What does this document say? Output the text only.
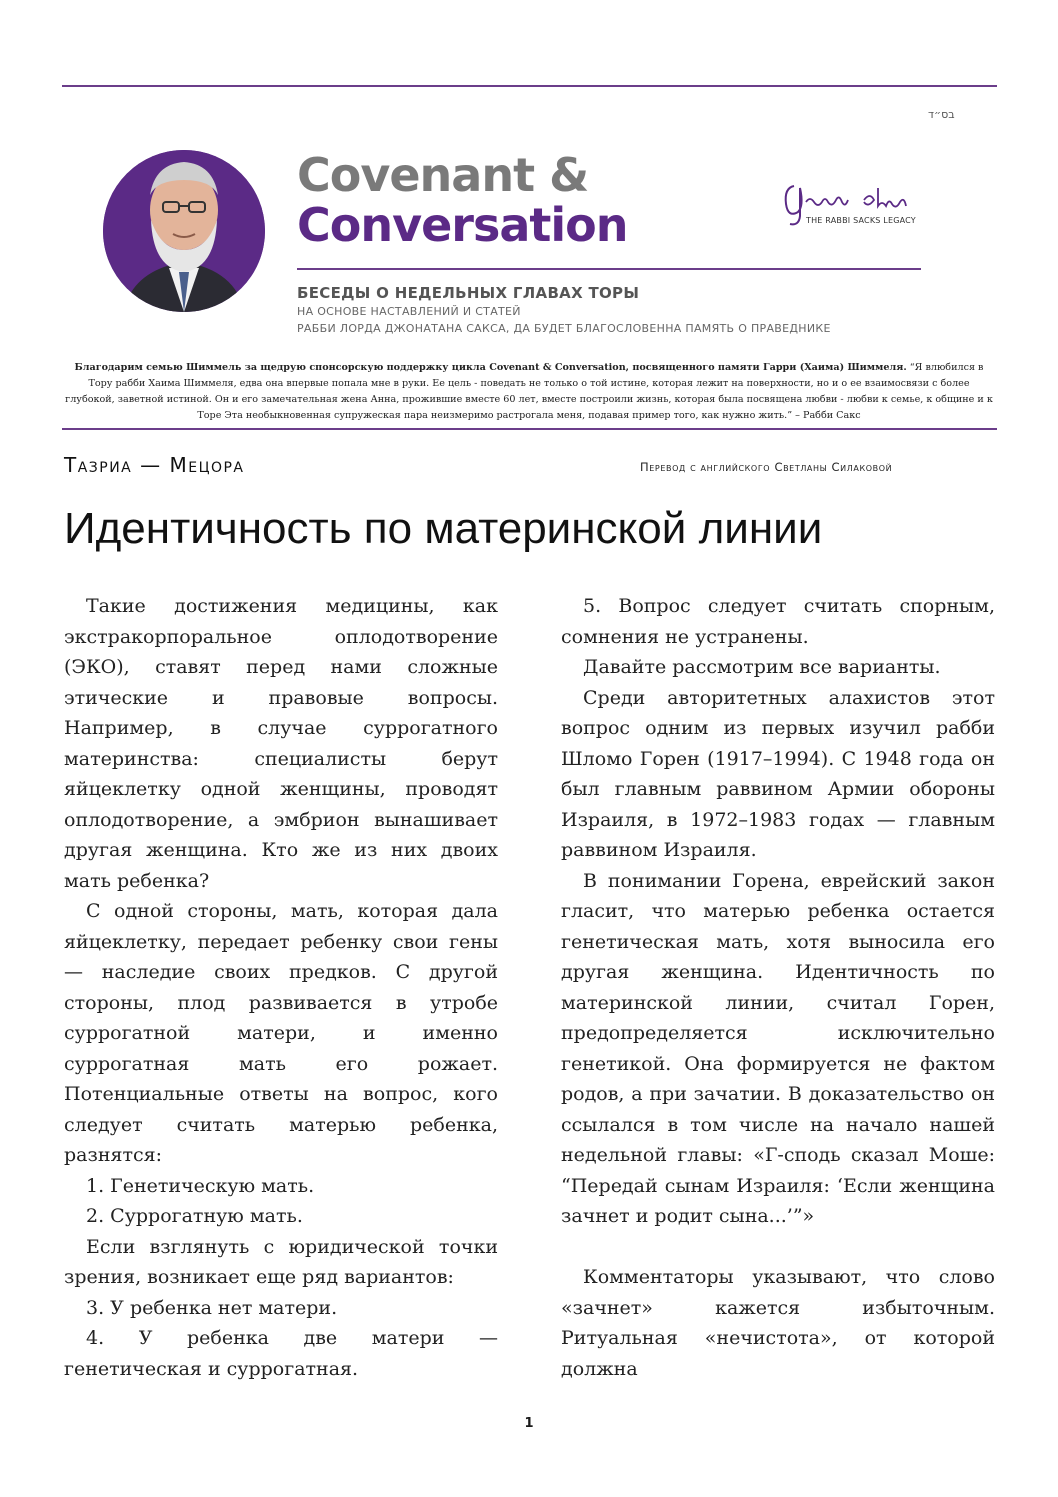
בס״ד
Covenant &
Conversation	THE RABBI SACKS LEGACY
БЕСЕДЫ О НЕДЕЛЬНЫХ ГЛАВАХ ТОРЫ
НА ОСНОВЕ НАСТАВЛЕНИЙ И СТАТЕЙ
РАББИ ЛОРДА ДЖОНАТАНА САКСА, ДА БУДЕТ БЛАГОСЛОВЕННА ПАМЯТЬ О ПРАВЕДНИКЕ
Благодарим семью Шиммель за щедрую спонсорскую поддержку цикла Covenant & Conversation, посвященного памяти Гарри (Хаима) Шиммеля. “Я влюбился в Тору рабби Хаима Шиммеля, едва она впервые попала мне в руки. Ее цель - поведать не только о той истине, которая лежит на поверхности, но и о ее взаимосвязи с более глубокой, заветной истиной. Он и его замечательная жена Анна, прожившие вместе 60 лет, вместе построили жизнь, которая была посвящена любви - любви к семье, к общине и к Торе Эта необыкновенная супружеская пара неизмеримо растрогала меня, подавая пример того, как нужно жить.” – Рабби Сакс
Тазриа — Мецора	Перевод с английского Светланы Силаковой
Идентичность по материнской линии

Такие достижения медицины, как экстракорпоральное оплодотворение (ЭКО), ставят перед нами сложные этические и правовые вопросы. Например, в случае суррогатного материнства: специалисты берут яйцеклетку одной женщины, проводят оплодотворение, а эмбрион вынашивает другая женщина. Кто же из них двоих мать ребенка?

С одной стороны, мать, которая дала яйцеклетку, передает ребенку свои гены — наследие своих предков. С другой стороны, плод развивается в утробе суррогатной матери, и именно суррогатная мать его рожает. Потенциальные ответы на вопрос, кого следует считать матерью ребенка, разнятся:

1. Генетическую мать.

2. Суррогатную мать.

Если взглянуть с юридической точки зрения, возникает еще ряд вариантов:

3. У ребенка нет матери.

4. У ребенка две матери — генетическая и суррогатная.

5. Вопрос следует считать спорным, сомнения не устранены.

Давайте рассмотрим все варианты.

Среди авторитетных алахистов этот вопрос одним из первых изучил рабби Шломо Горен (1917–1994). С 1948 года он был главным раввином Армии обороны Израиля, в 1972–1983 годах — главным раввином Израиля.

В понимании Горена, еврейский закон гласит, что матерью ребенка остается генетическая мать, хотя выносила его другая женщина. Идентичность по материнской линии, считал Горен, предопределяется исключительно генетикой. Она формируется не фактом родов, а при зачатии. В доказательство он ссылался в том числе на начало нашей недельной главы: «Г-сподь сказал Моше: “Передай сынам Израиля: ‘Если женщина зачнет и родит сына...’”»

Комментаторы указывают, что слово «зачнет» кажется избыточным. Ритуальная «нечистота», от которой должна

1
